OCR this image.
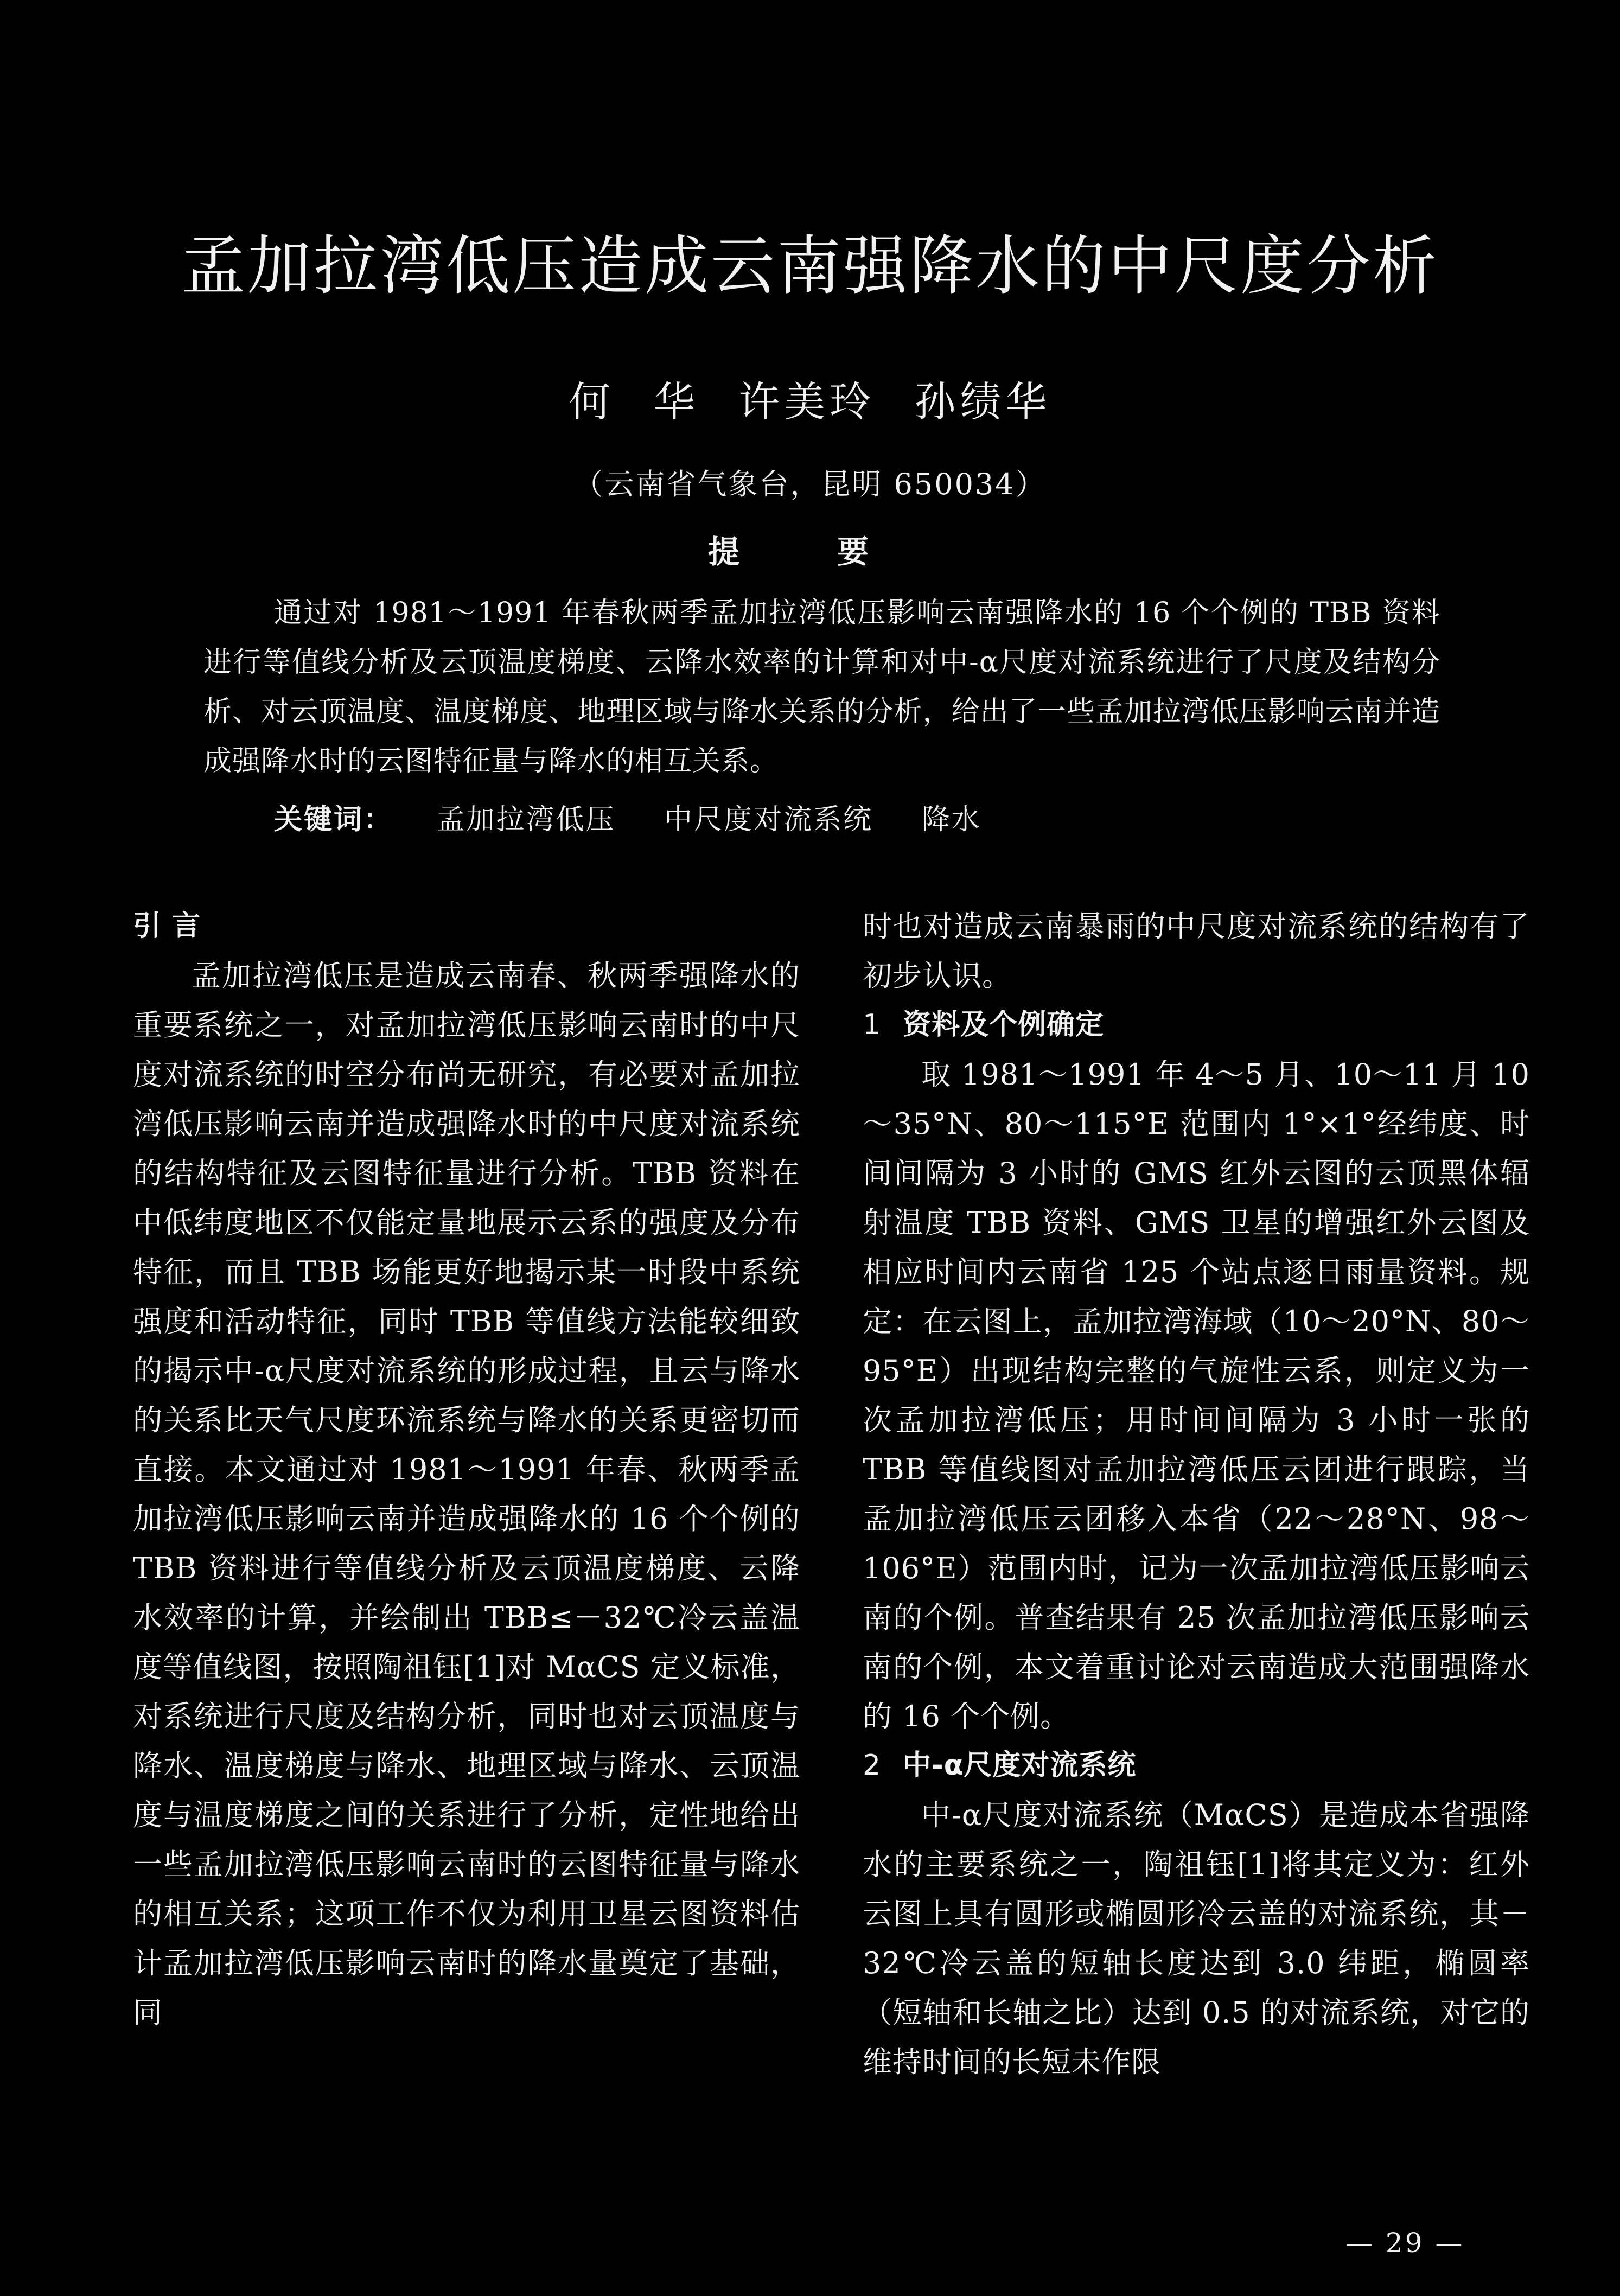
孟加拉湾低压造成云南强降水的中尺度分析
何 华 许美玲 孙绩华
（云南省气象台，昆明 650034）
提 要

通过对 1981～1991 年春秋两季孟加拉湾低压影响云南强降水的 16 个个例的 TBB 资料进行等值线分析及云顶温度梯度、云降水效率的计算和对中-α尺度对流系统进行了尺度及结构分析、对云顶温度、温度梯度、地理区域与降水关系的分析，给出了一些孟加拉湾低压影响云南并造成强降水时的云图特征量与降水的相互关系。

关键词： 孟加拉湾低压 中尺度对流系统 降水
引 言

孟加拉湾低压是造成云南春、秋两季强降水的重要系统之一，对孟加拉湾低压影响云南时的中尺度对流系统的时空分布尚无研究，有必要对孟加拉湾低压影响云南并造成强降水时的中尺度对流系统的结构特征及云图特征量进行分析。TBB 资料在中低纬度地区不仅能定量地展示云系的强度及分布特征，而且 TBB 场能更好地揭示某一时段中系统强度和活动特征，同时 TBB 等值线方法能较细致的揭示中-α尺度对流系统的形成过程，且云与降水的关系比天气尺度环流系统与降水的关系更密切而直接。本文通过对 1981～1991 年春、秋两季孟加拉湾低压影响云南并造成强降水的 16 个个例的 TBB 资料进行等值线分析及云顶温度梯度、云降水效率的计算，并绘制出 TBB≤－32℃冷云盖温度等值线图，按照陶祖钰[1]对 MαCS 定义标准，对系统进行尺度及结构分析，同时也对云顶温度与降水、温度梯度与降水、地理区域与降水、云顶温度与温度梯度之间的关系进行了分析，定性地给出一些孟加拉湾低压影响云南时的云图特征量与降水的相互关系；这项工作不仅为利用卫星云图资料估计孟加拉湾低压影响云南时的降水量奠定了基础，同

时也对造成云南暴雨的中尺度对流系统的结构有了初步认识。

1 资料及个例确定

取 1981～1991 年 4～5 月、10～11 月 10～35°N、80～115°E 范围内 1°×1°经纬度、时间间隔为 3 小时的 GMS 红外云图的云顶黑体辐射温度 TBB 资料、GMS 卫星的增强红外云图及相应时间内云南省 125 个站点逐日雨量资料。规定：在云图上，孟加拉湾海域（10～20°N、80～95°E）出现结构完整的气旋性云系，则定义为一次孟加拉湾低压；用时间间隔为 3 小时一张的 TBB 等值线图对孟加拉湾低压云团进行跟踪，当孟加拉湾低压云团移入本省（22～28°N、98～106°E）范围内时，记为一次孟加拉湾低压影响云南的个例。普查结果有 25 次孟加拉湾低压影响云南的个例，本文着重讨论对云南造成大范围强降水的 16 个个例。

2 中-α尺度对流系统

中-α尺度对流系统（MαCS）是造成本省强降水的主要系统之一，陶祖钰[1]将其定义为：红外云图上具有圆形或椭圆形冷云盖的对流系统，其－32℃冷云盖的短轴长度达到 3.0 纬距，椭圆率（短轴和长轴之比）达到 0.5 的对流系统，对它的维持时间的长短未作限

— 29 —
